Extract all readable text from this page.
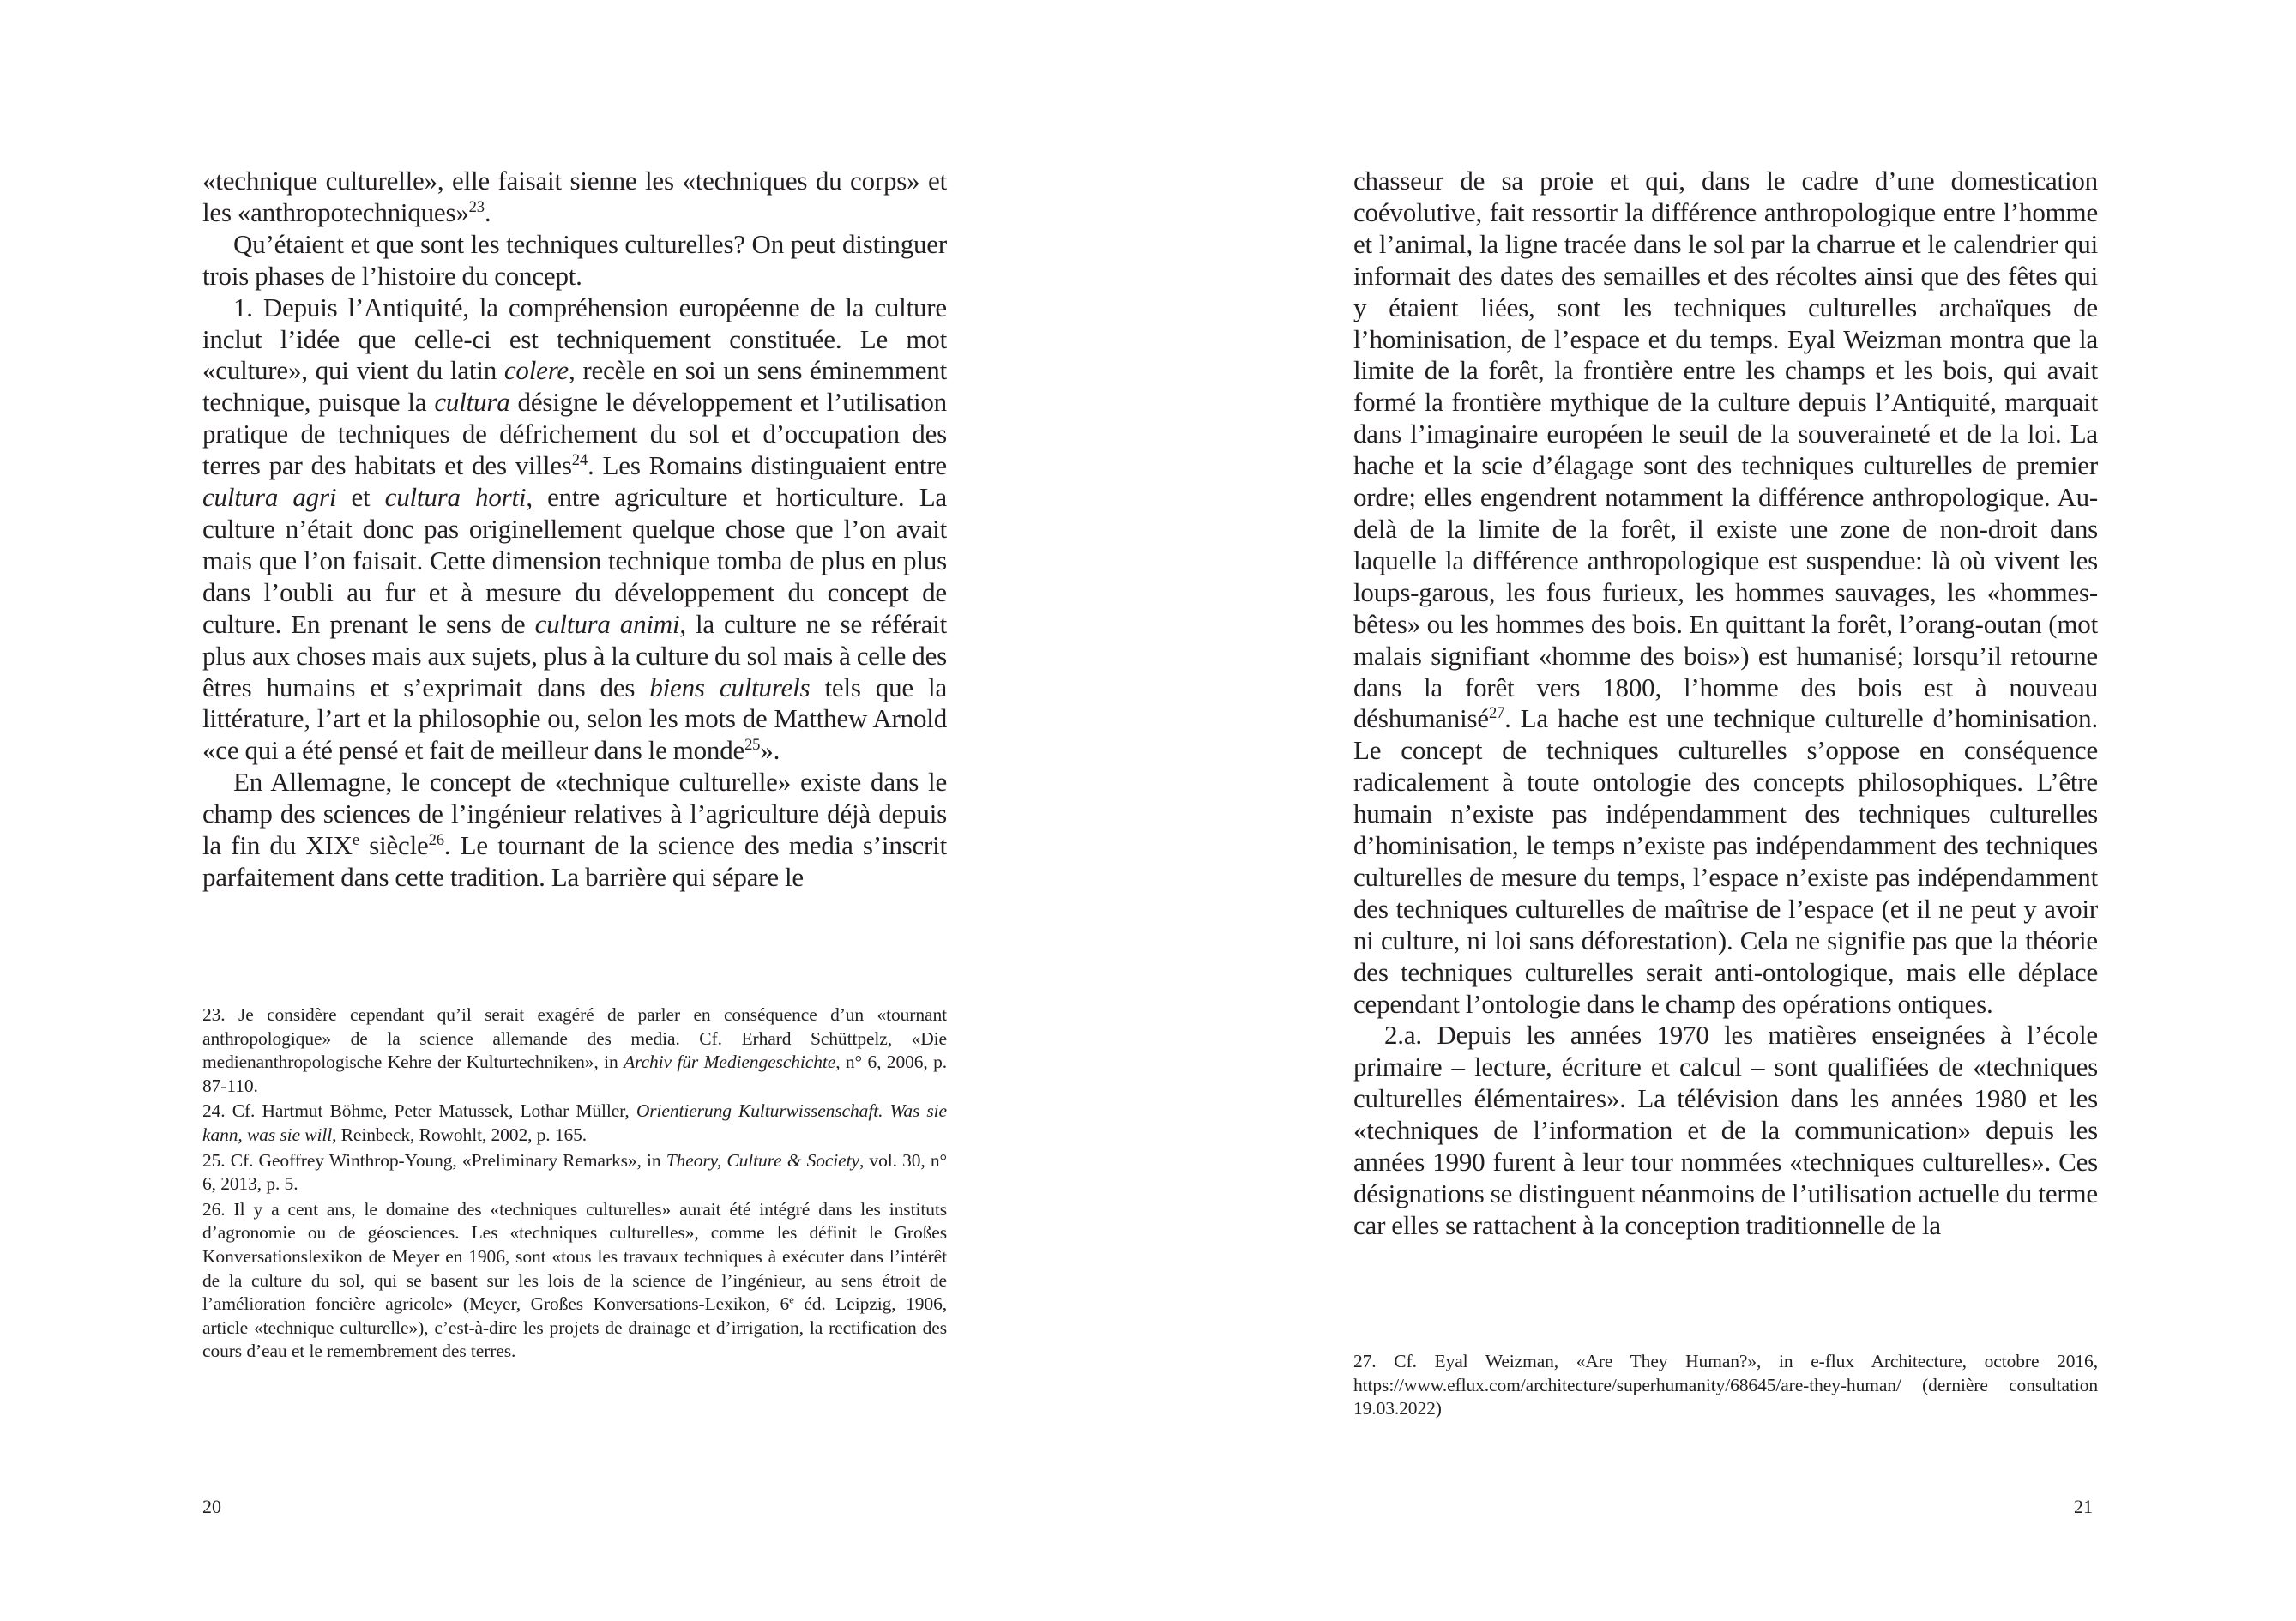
«technique culturelle», elle faisait sienne les «techniques du corps» et les «anthropotechniques»$^{23}$.

Qu’étaient et que sont les techniques culturelles? On peut distinguer trois phases de l’histoire du concept.

1. Depuis l’Antiquité, la compréhension européenne de la culture inclut l’idée que celle-ci est techniquement constituée. Le mot «culture», qui vient du latin colere, recèle en soi un sens éminemment technique, puisque la cultura désigne le développement et l’utilisation pratique de techniques de défrichement du sol et d’occupation des terres par des habitats et des villes$^{24}$. Les Romains distinguaient entre cultura agri et cultura horti, entre agriculture et horticulture. La culture n’était donc pas originellement quelque chose que l’on avait mais que l’on faisait. Cette dimension technique tomba de plus en plus dans l’oubli au fur et à mesure du développement du concept de culture. En prenant le sens de cultura animi, la culture ne se référait plus aux choses mais aux sujets, plus à la culture du sol mais à celle des êtres humains et s’exprimait dans des biens culturels tels que la littérature, l’art et la philosophie ou, selon les mots de Matthew Arnold «ce qui a été pensé et fait de meilleur dans le monde$^{25}$».

En Allemagne, le concept de «technique culturelle» existe dans le champ des sciences de l’ingénieur relatives à l’agriculture déjà depuis la fin du XIXe siècle$^{26}$. Le tournant de la science des media s’inscrit parfaitement dans cette tradition. La barrière qui sépare le

23. Je considère cependant qu’il serait exagéré de parler en conséquence d’un «tournant anthropologique» de la science allemande des media. Cf. Erhard Schüttpelz, «Die medienanthropologische Kehre der Kulturtechniken», in Archiv für Mediengeschichte, n° 6, 2006, p. 87-110.

24. Cf. Hartmut Böhme, Peter Matussek, Lothar Müller, Orientierung Kulturwissenschaft. Was sie kann, was sie will, Reinbeck, Rowohlt, 2002, p. 165.

25. Cf. Geoffrey Winthrop-Young, «Preliminary Remarks», in Theory, Culture & Society, vol. 30, n° 6, 2013, p. 5.

26. Il y a cent ans, le domaine des «techniques culturelles» aurait été intégré dans les instituts d’agronomie ou de géosciences. Les «techniques culturelles», comme les définit le Großes Konversationslexikon de Meyer en 1906, sont «tous les travaux techniques à exécuter dans l’intérêt de la culture du sol, qui se basent sur les lois de la science de l’ingénieur, au sens étroit de l’amélioration foncière agricole» (Meyer, Großes Konversations-Lexikon, 6e éd. Leipzig, 1906, article «technique culturelle»), c’est-à-dire les projets de drainage et d’irrigation, la rectification des cours d’eau et le remembrement des terres.

20

chasseur de sa proie et qui, dans le cadre d’une domestication coévolutive, fait ressortir la différence anthropologique entre l’homme et l’animal, la ligne tracée dans le sol par la charrue et le calendrier qui informait des dates des semailles et des récoltes ainsi que des fêtes qui y étaient liées, sont les techniques culturelles archaïques de l’hominisation, de l’espace et du temps. Eyal Weizman montra que la limite de la forêt, la frontière entre les champs et les bois, qui avait formé la frontière mythique de la culture depuis l’Antiquité, marquait dans l’imaginaire européen le seuil de la souveraineté et de la loi. La hache et la scie d’élagage sont des techniques culturelles de premier ordre; elles engendrent notamment la différence anthropologique. Au-delà de la limite de la forêt, il existe une zone de non-droit dans laquelle la différence anthropologique est suspendue: là où vivent les loups-garous, les fous furieux, les hommes sauvages, les «hommes-bêtes» ou les hommes des bois. En quittant la forêt, l’orang-outan (mot malais signifiant «homme des bois») est humanisé; lorsqu’il retourne dans la forêt vers 1800, l’homme des bois est à nouveau déshumanisé$^{27}$. La hache est une technique culturelle d’hominisation. Le concept de techniques culturelles s’oppose en conséquence radicalement à toute ontologie des concepts philosophiques. L’être humain n’existe pas indépendamment des techniques culturelles d’hominisation, le temps n’existe pas indépendamment des techniques culturelles de mesure du temps, l’espace n’existe pas indépendamment des techniques culturelles de maîtrise de l’espace (et il ne peut y avoir ni culture, ni loi sans déforestation). Cela ne signifie pas que la théorie des techniques culturelles serait anti-ontologique, mais elle déplace cependant l’ontologie dans le champ des opérations ontiques.

2.a. Depuis les années 1970 les matières enseignées à l’école primaire – lecture, écriture et calcul – sont qualifiées de «techniques culturelles élémentaires». La télévision dans les années 1980 et les «techniques de l’information et de la communication» depuis les années 1990 furent à leur tour nommées «techniques culturelles». Ces désignations se distinguent néanmoins de l’utilisation actuelle du terme car elles se rattachent à la conception traditionnelle de la

27. Cf. Eyal Weizman, «Are They Human?», in e-flux Architecture, octobre 2016, https://www.eflux.com/architecture/superhumanity/68645/are-they-human/ (dernière consultation 19.03.2022)

21
